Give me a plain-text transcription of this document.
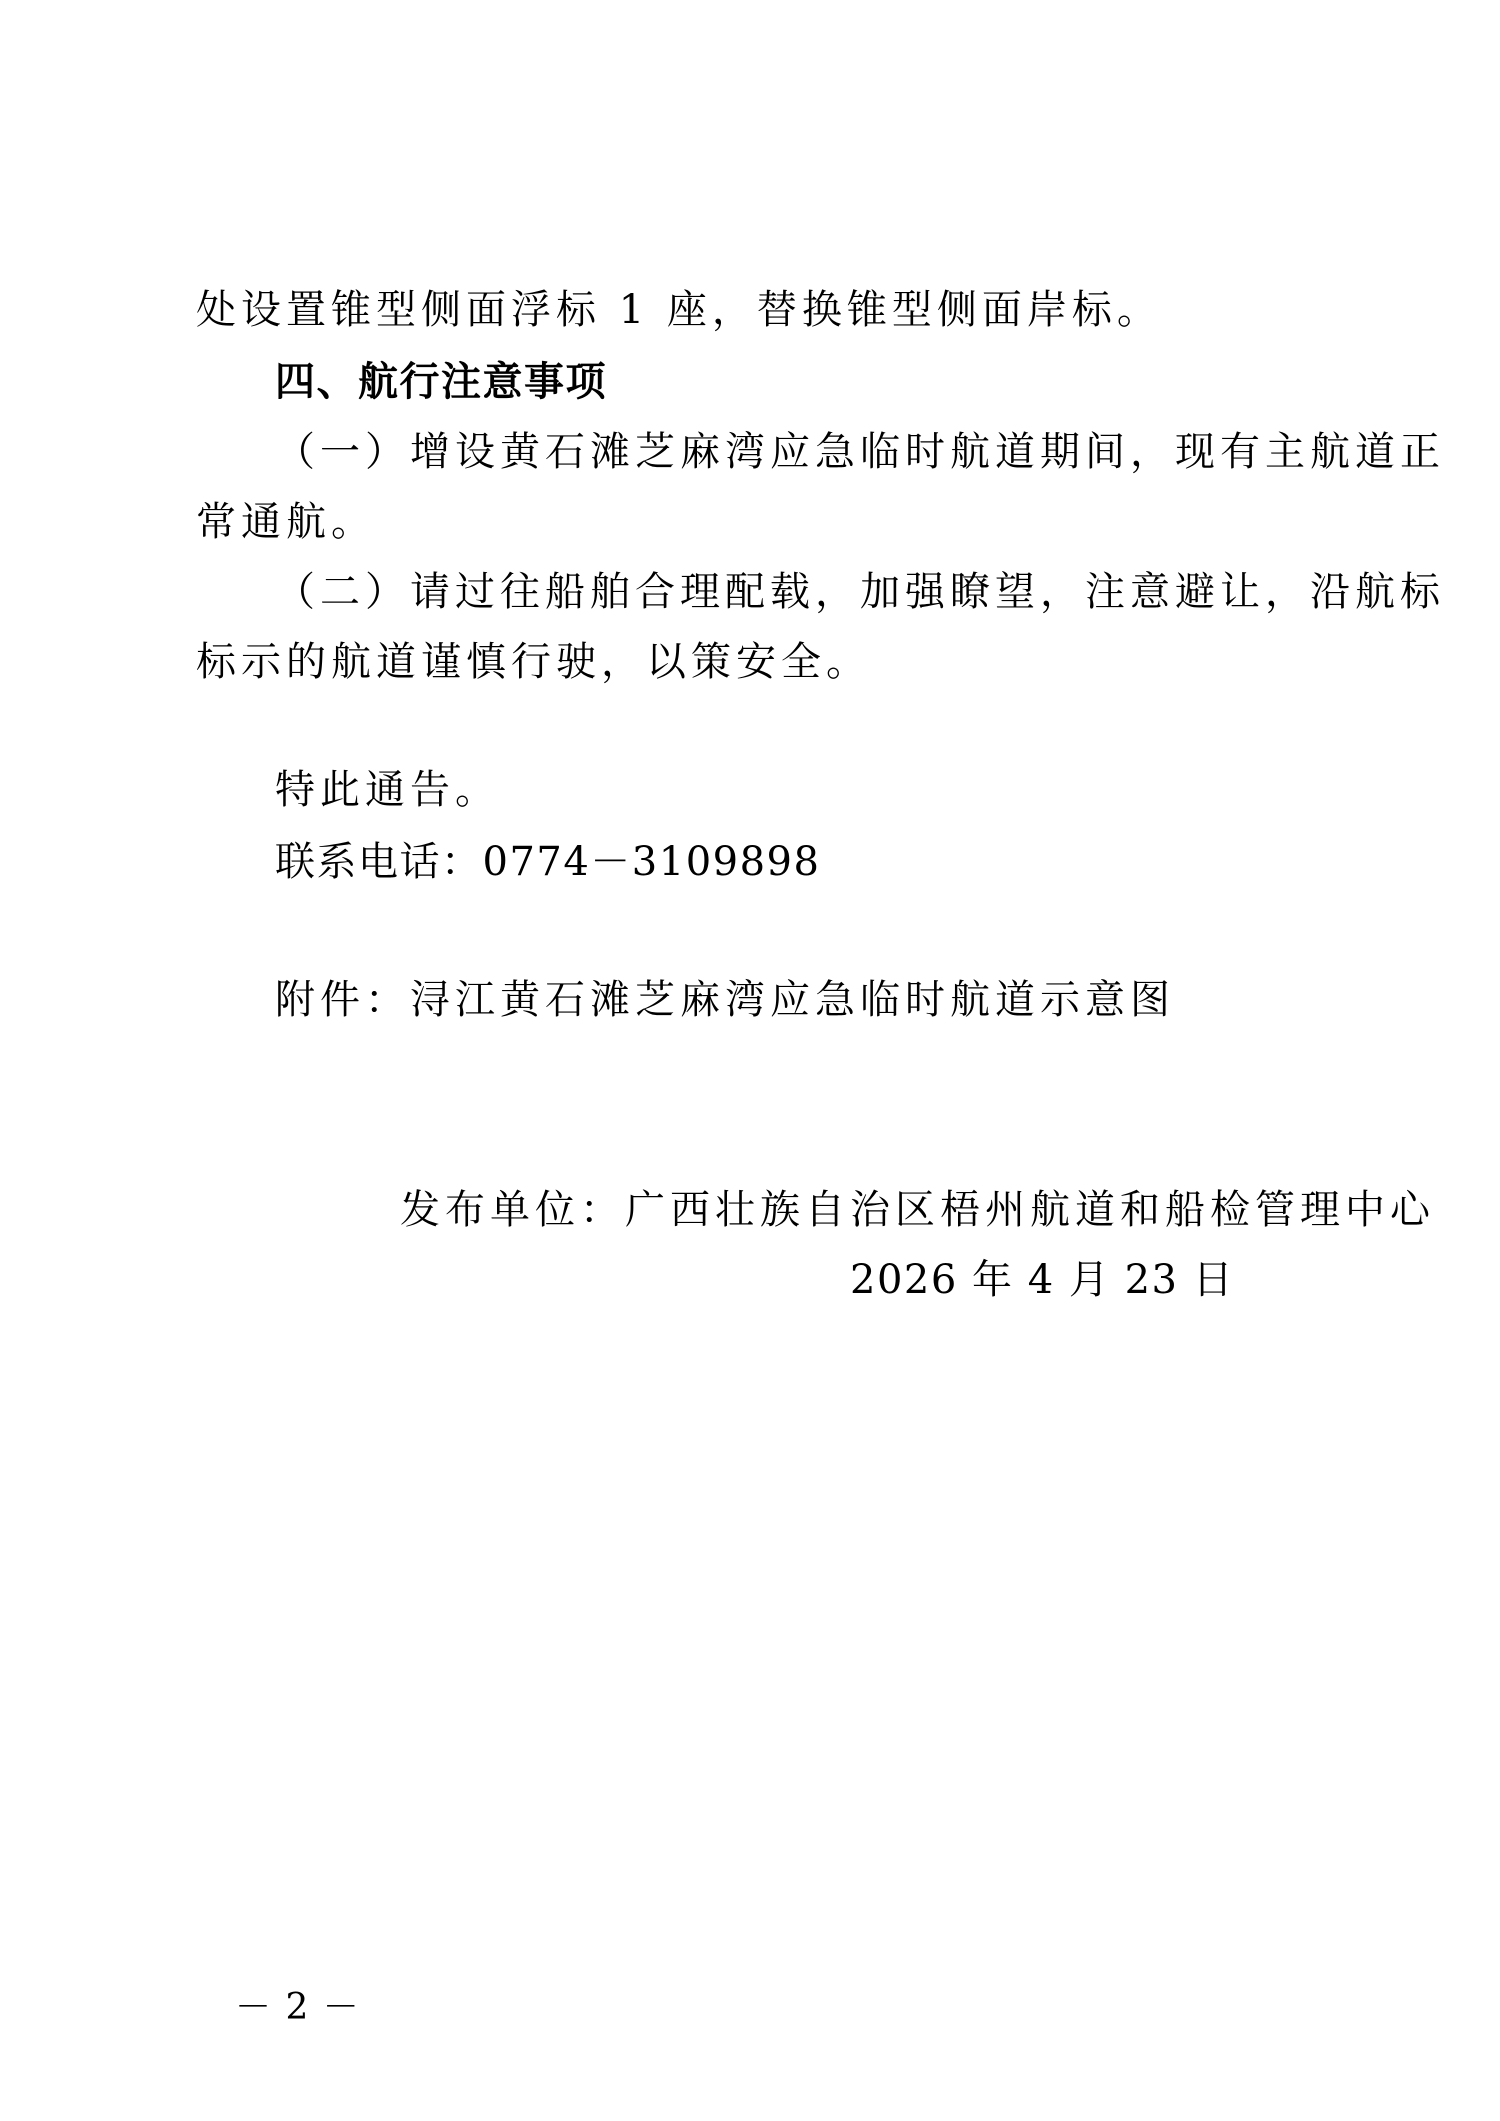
处设置锥型侧面浮标 1 座，替换锥型侧面岸标。
四、航行注意事项
（一）增设黄石滩芝麻湾应急临时航道期间，现有主航道正
常通航。
（二）请过往船舶合理配载，加强瞭望，注意避让，沿航标
标示的航道谨慎行驶，以策安全。
特此通告。
联系电话：0774－3109898
附件：浔江黄石滩芝麻湾应急临时航道示意图
发布单位：广西壮族自治区梧州航道和船检管理中心
2026 年 4 月 23 日
－ 2 －
